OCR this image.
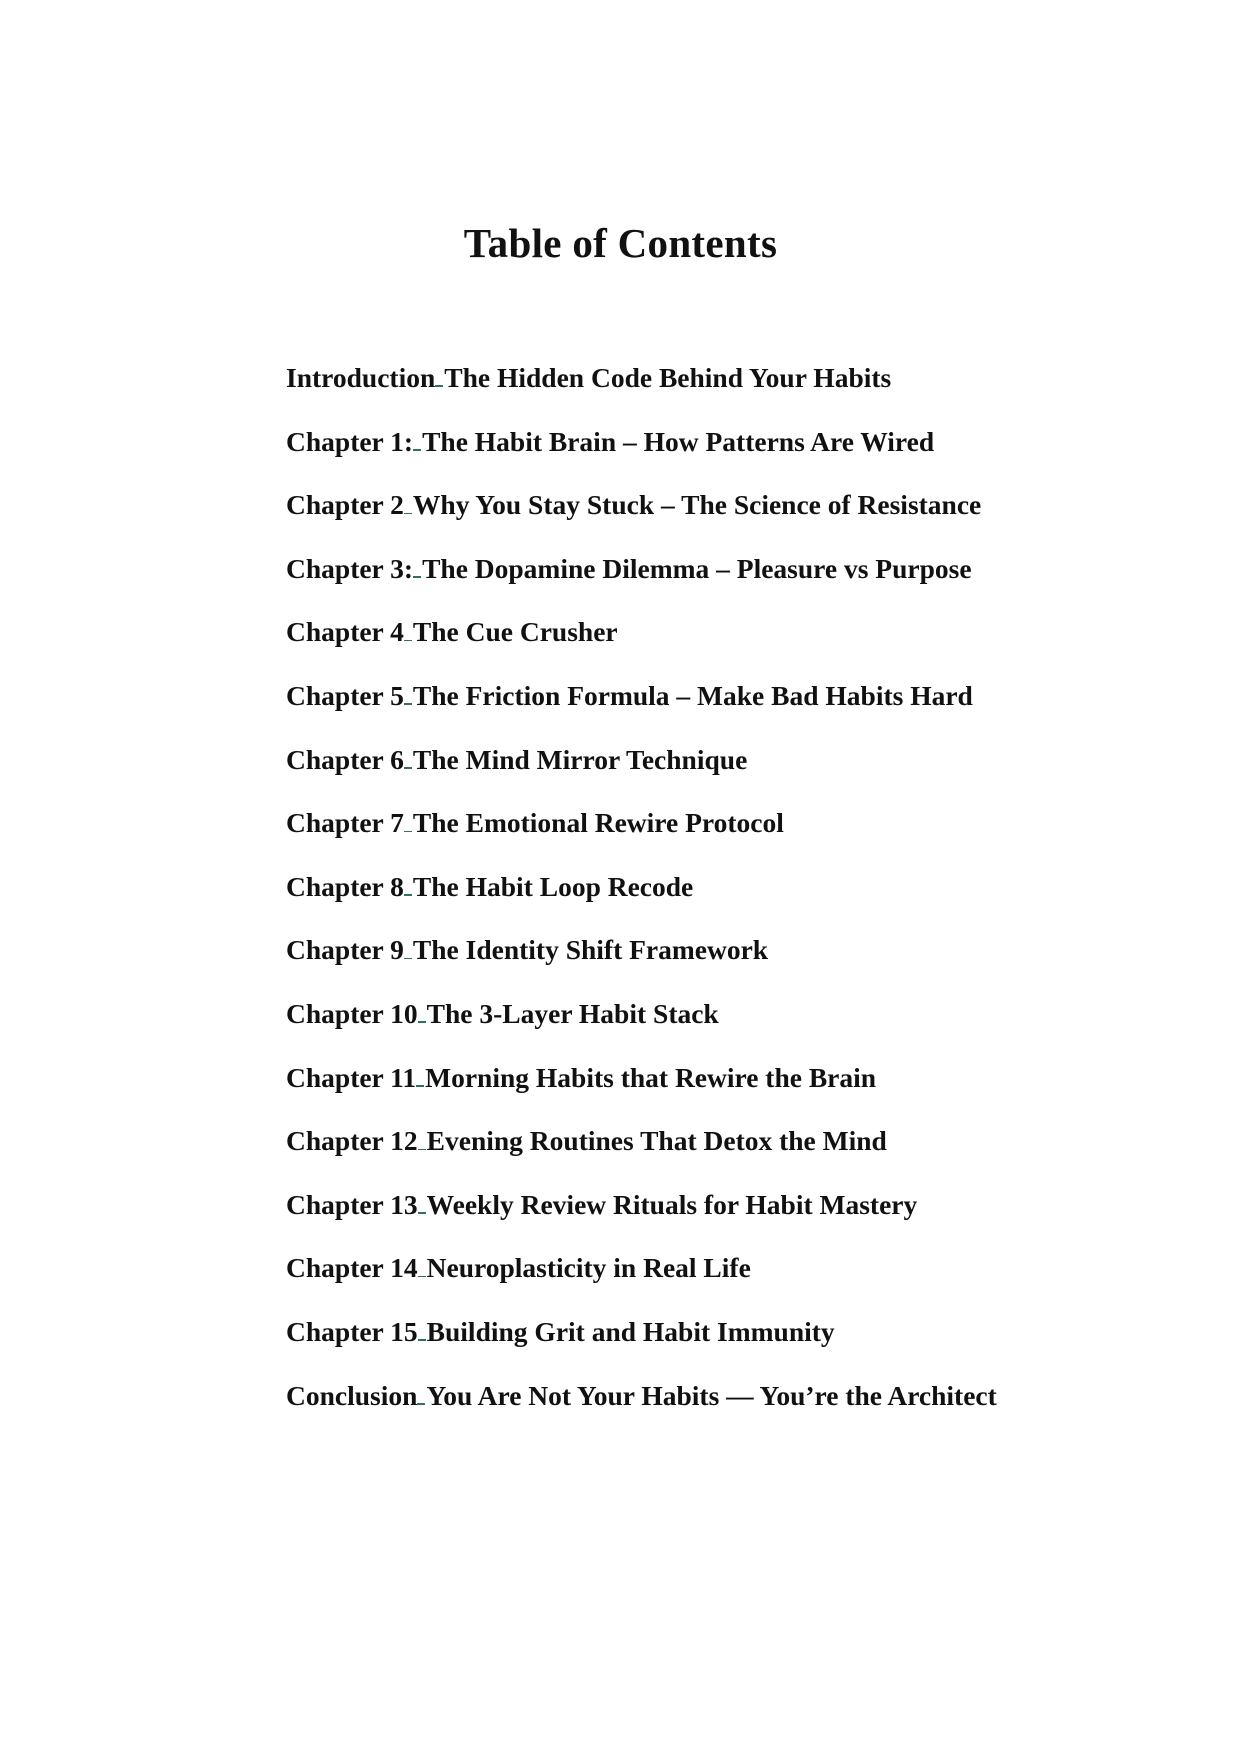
Table of Contents
Introduction The Hidden Code Behind Your Habits
Chapter 1: The Habit Brain – How Patterns Are Wired
Chapter 2 Why You Stay Stuck – The Science of Resistance
Chapter 3: The Dopamine Dilemma – Pleasure vs Purpose
Chapter 4 The Cue Crusher
Chapter 5 The Friction Formula – Make Bad Habits Hard
Chapter 6 The Mind Mirror Technique
Chapter 7 The Emotional Rewire Protocol
Chapter 8 The Habit Loop Recode
Chapter 9 The Identity Shift Framework
Chapter 10 The 3-Layer Habit Stack
Chapter 11 Morning Habits that Rewire the Brain
Chapter 12 Evening Routines That Detox the Mind
Chapter 13 Weekly Review Rituals for Habit Mastery
Chapter 14 Neuroplasticity in Real Life
Chapter 15 Building Grit and Habit Immunity
Conclusion You Are Not Your Habits — You’re the Architect
